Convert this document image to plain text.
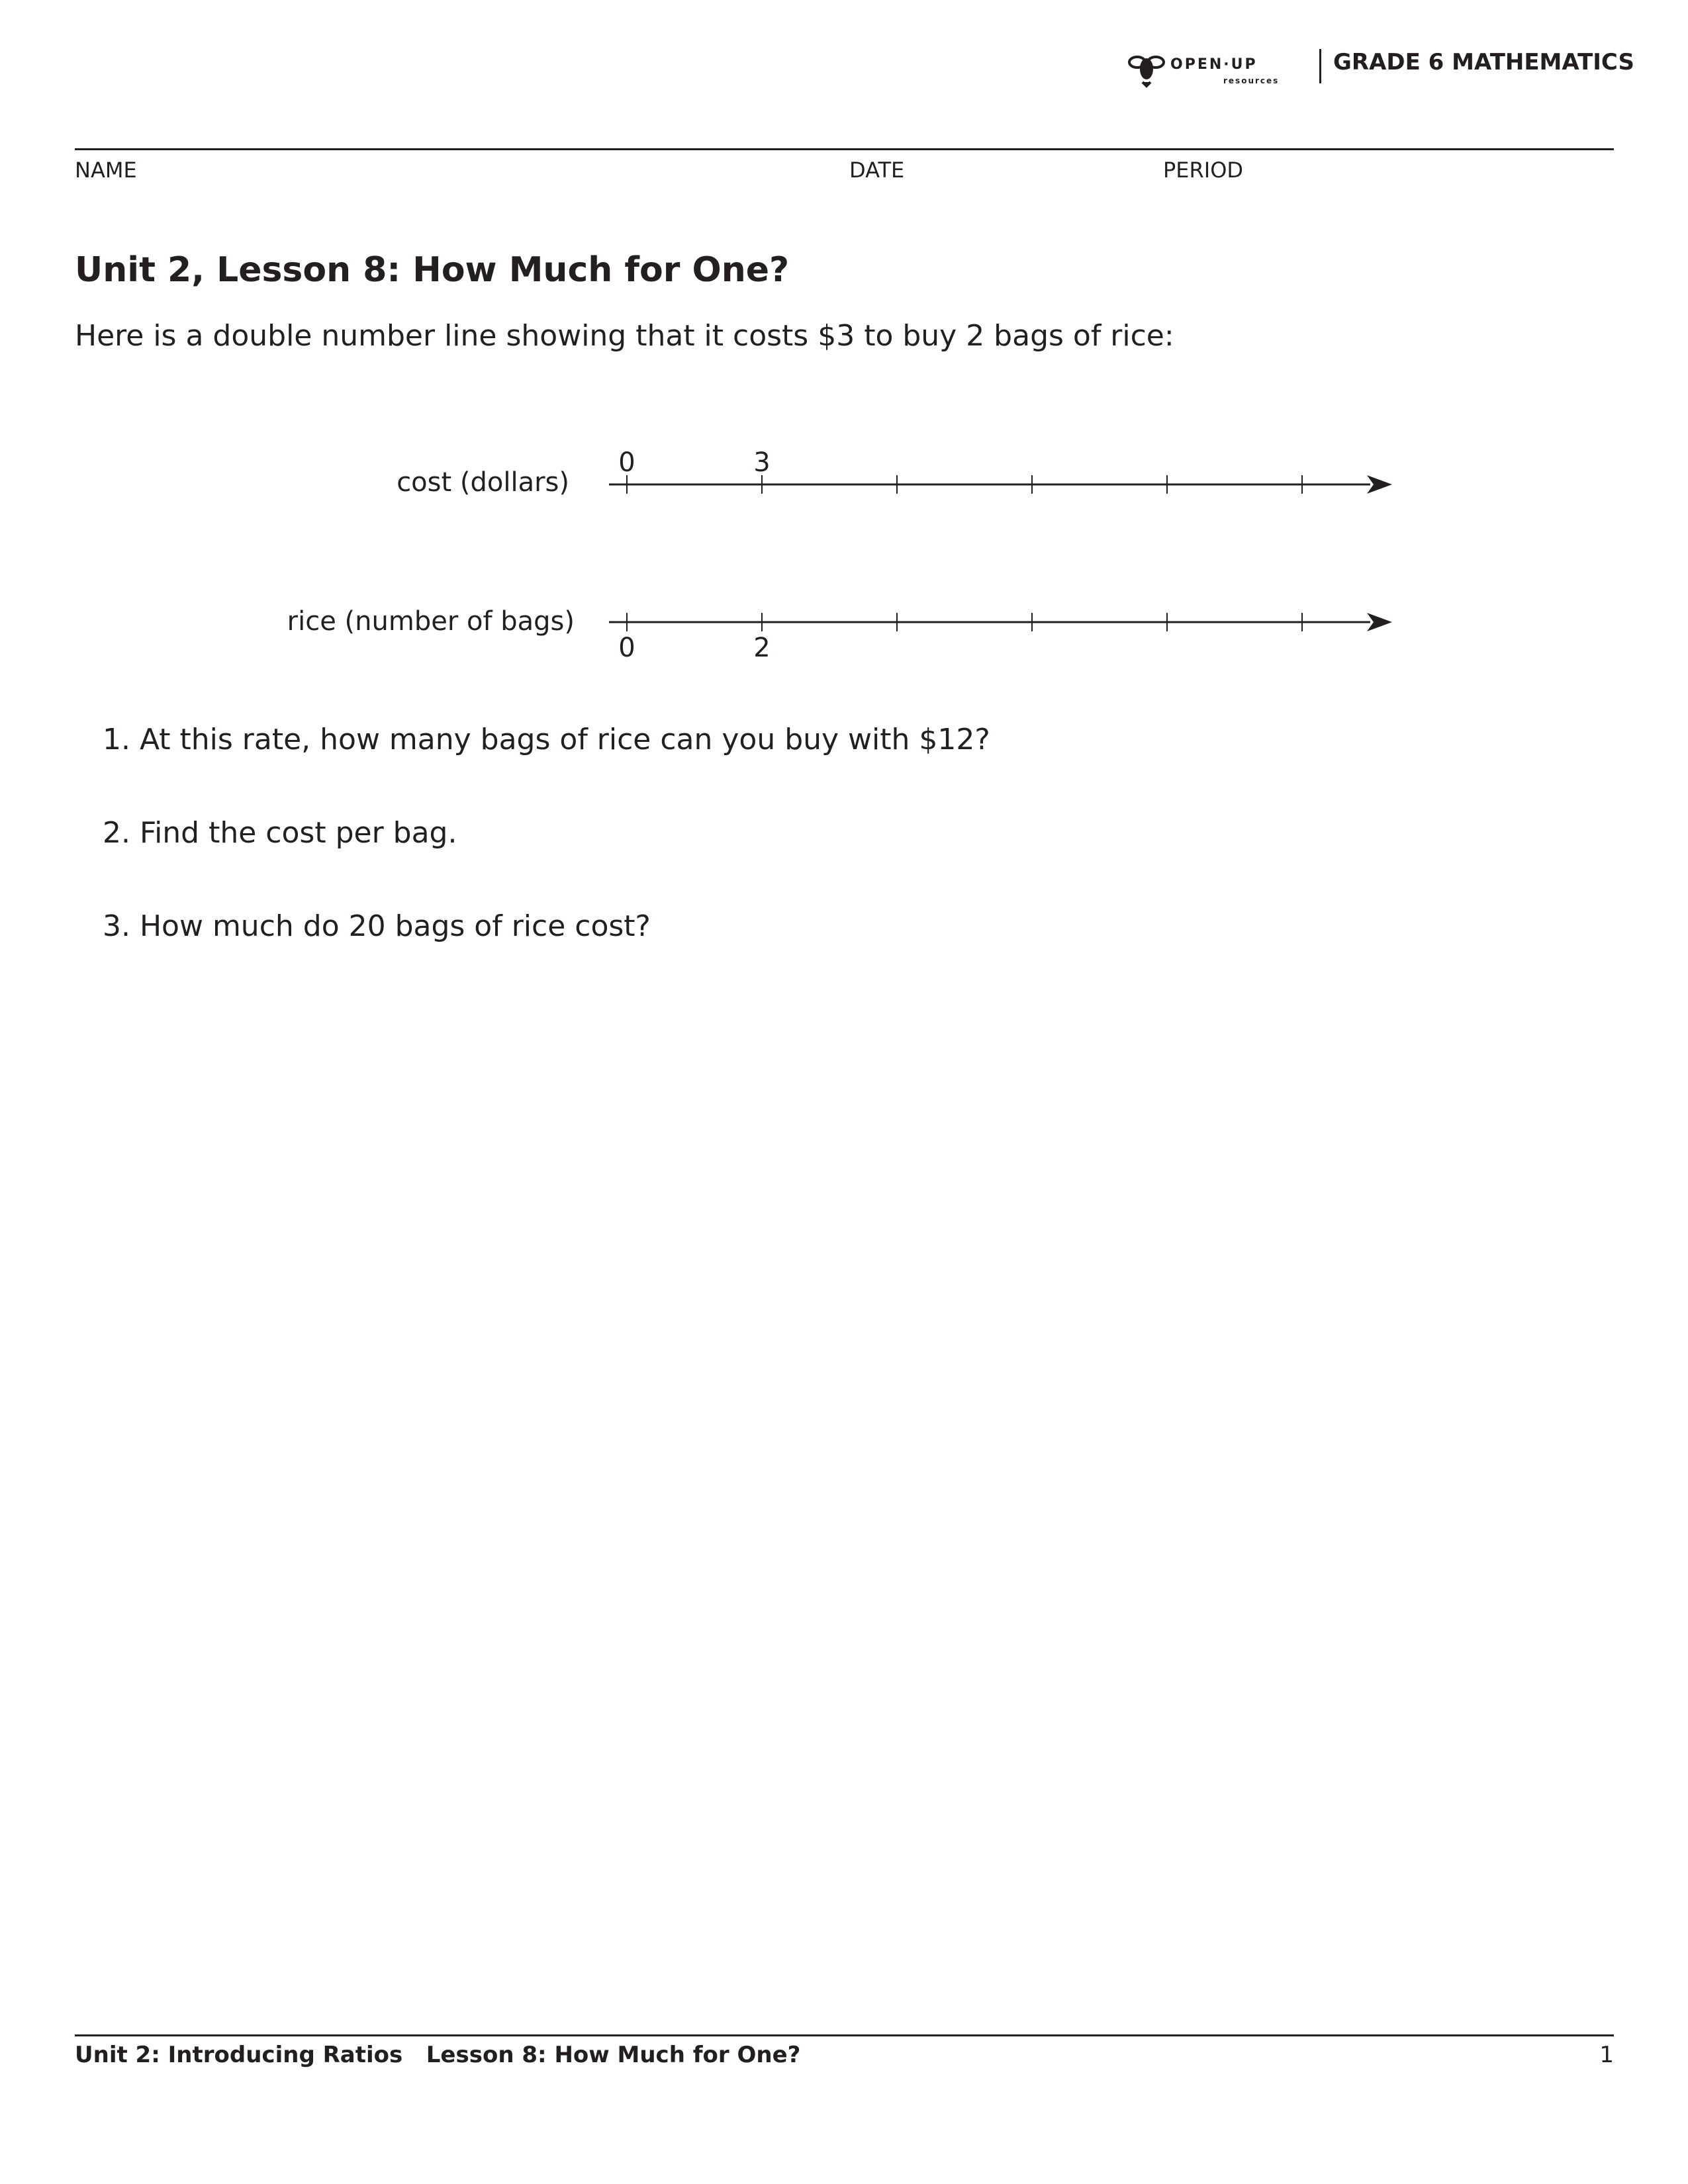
OPEN·UP
resources
GRADE 6 MATHEMATICS
NAME	DATE	PERIOD
Unit 2, Lesson 8: How Much for One?
Here is a double number line showing that it costs $3 to buy 2 bags of rice:
cost (dollars)
0	3
rice (number of bags)
0	2
1. At this rate, how many bags of rice can you buy with $12?
2. Find the cost per bag.
3. How much do 20 bags of rice cost?
Unit 2: Introducing Ratios Lesson 8: How Much for One?	1
